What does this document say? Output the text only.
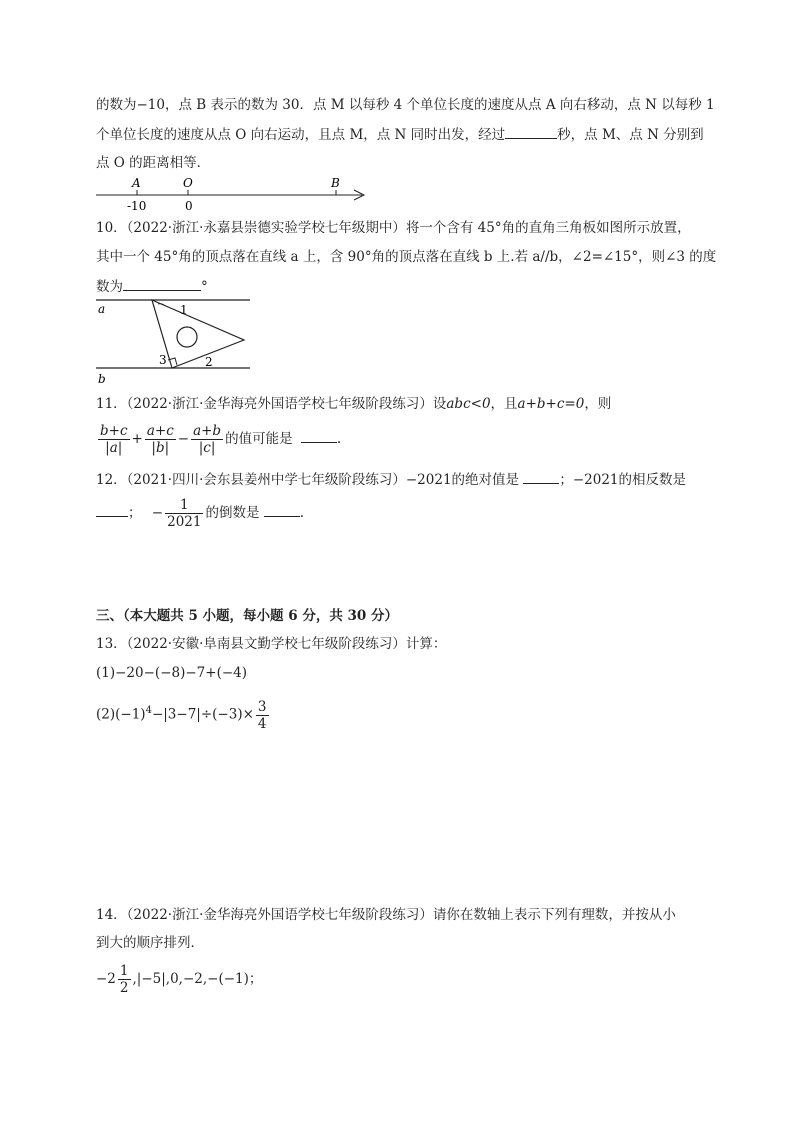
的数为−10，点 B 表示的数为 30．点 M 以每秒 4 个单位长度的速度从点 A 向右移动，点 N 以每秒 1
个单位长度的速度从点 O 向右运动，且点 M，点 N 同时出发，经过	秒，点 M、点 N 分别到
点 O 的距离相等．
A	O	B
-10	0
10．（2022·浙江·永嘉县崇德实验学校七年级期中）将一个含有 45°角的直角三角板如图所示放置，
其中一个 45°角的顶点落在直线 a 上，含 90°角的顶点落在直线 b 上.若 a//b，∠2=∠15°，则∠3 的度
数为	°
a
b
1
2
3
11．（2022·浙江·金华海亮外国语学校七年级阶段练习）设abc<0，且a+b+c=0，则
$\frac{b+c}{|a|} + \frac{a+c}{|b|} - \frac{a+b}{|c|}$ 的值可能是	.
12．（2021·四川·会东县姜州中学七年级阶段练习）−2021的绝对值是	；−2021的相反数是
； − $\frac{1}{2021}$ 的倒数是	.
三、（本大题共 5 小题，每小题 6 分，共 30 分）
13．（2022·安徽·阜南县文勤学校七年级阶段练习）计算：
(1)−20−(−8)−7+(−4)
$(2)(-1)^4-|3-7|\div(-3)\times \frac{3}{4}$
14．（2022·浙江·金华海亮外国语学校七年级阶段练习）请你在数轴上表示下列有理数，并按从小
到大的顺序排列．
$-2 \frac{1}{2} ,|-5|,0,-2,-(-1)$；
